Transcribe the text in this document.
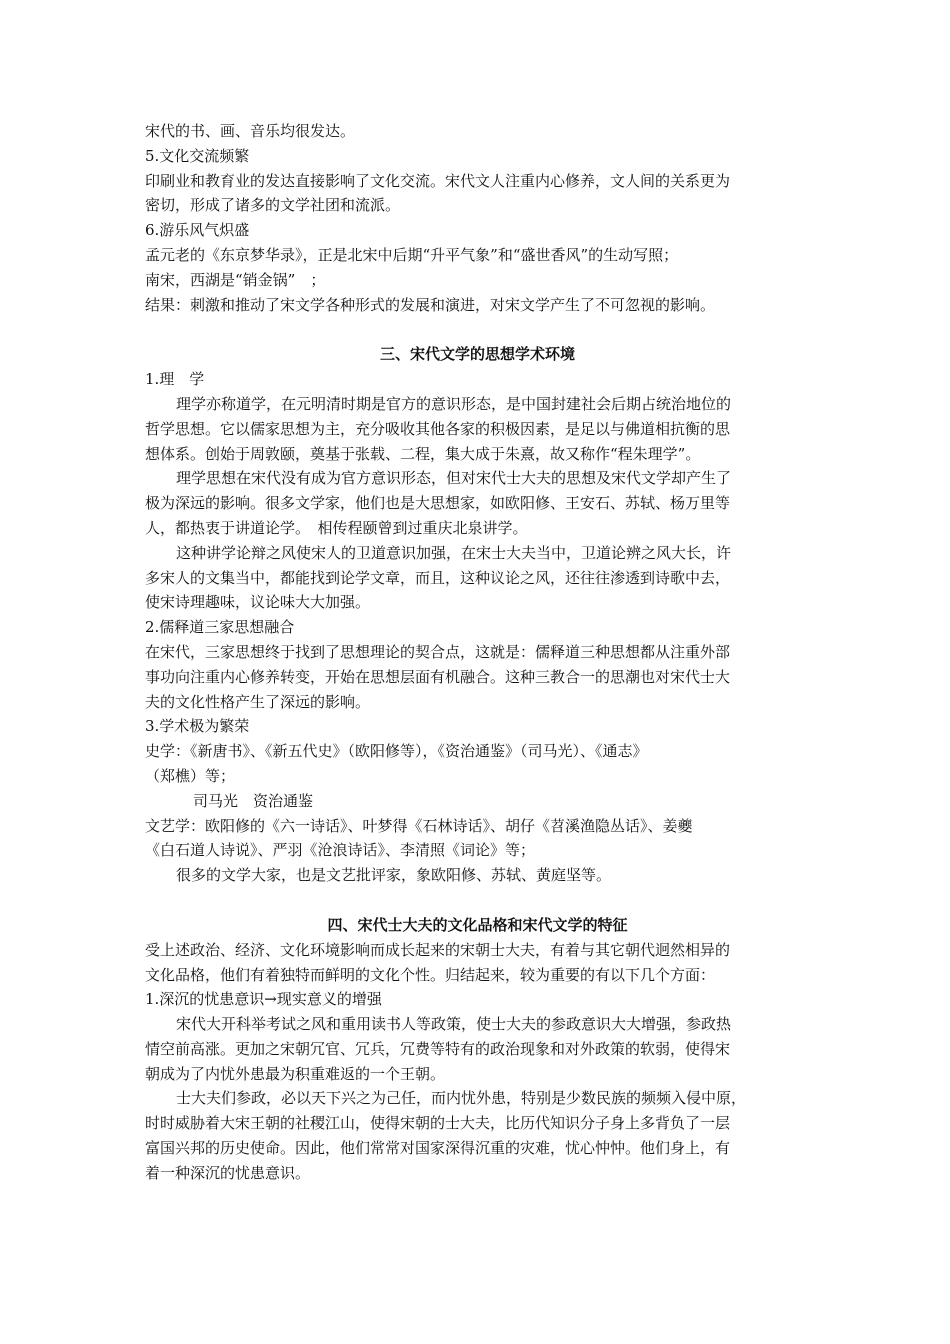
宋代的书、画、音乐均很发达。

5.文化交流频繁

印刷业和教育业的发达直接影响了文化交流。宋代文人注重内心修养，文人间的关系更为

密切，形成了诸多的文学社团和流派。

6.游乐风气炽盛

孟元老的《东京梦华录》，正是北宋中后期“升平气象”和“盛世香风”的生动写照；

南宋，西湖是“销金锅”　；

结果：刺激和推动了宋文学各种形式的发展和演进，对宋文学产生了不可忽视的影响。

三、宋代文学的思想学术环境

1.理　学

理学亦称道学，在元明清时期是官方的意识形态，是中国封建社会后期占统治地位的

哲学思想。它以儒家思想为主，充分吸收其他各家的积极因素，是足以与佛道相抗衡的思

想体系。创始于周敦颐，奠基于张载、二程，集大成于朱熹，故又称作“程朱理学”。

理学思想在宋代没有成为官方意识形态，但对宋代士大夫的思想及宋代文学却产生了

极为深远的影响。很多文学家，他们也是大思想家，如欧阳修、王安石、苏轼、杨万里等

人，都热衷于讲道论学。　相传程颐曾到过重庆北泉讲学。

这种讲学论辩之风使宋人的卫道意识加强，在宋士大夫当中，卫道论辨之风大长，许

多宋人的文集当中，都能找到论学文章，而且，这种议论之风，还往往渗透到诗歌中去，

使宋诗理趣味，议论味大大加强。

2.儒释道三家思想融合

在宋代，三家思想终于找到了思想理论的契合点，这就是：儒释道三种思想都从注重外部

事功向注重内心修养转变，开始在思想层面有机融合。这种三教合一的思潮也对宋代士大

夫的文化性格产生了深远的影响。

3.学术极为繁荣

史学：《新唐书》、《新五代史》（欧阳修等），《资治通鉴》（司马光）、《通志》

（郑樵）等；

司马光　资治通鉴

文艺学：欧阳修的《六一诗话》、叶梦得《石林诗话》、胡仔《苕溪渔隐丛话》、姜夔

《白石道人诗说》、严羽《沧浪诗话》、李清照《词论》等；

很多的文学大家，也是文艺批评家，象欧阳修、苏轼、黄庭坚等。

四、宋代士大夫的文化品格和宋代文学的特征

受上述政治、经济、文化环境影响而成长起来的宋朝士大夫，有着与其它朝代迥然相异的

文化品格，他们有着独特而鲜明的文化个性。归结起来，较为重要的有以下几个方面：

1.深沉的忧患意识→现实意义的增强

宋代大开科举考试之风和重用读书人等政策，使士大夫的参政意识大大增强，参政热

情空前高涨。更加之宋朝冗官、冗兵，冗费等特有的政治现象和对外政策的软弱，使得宋

朝成为了内忧外患最为积重难返的一个王朝。

士大夫们参政，必以天下兴之为己任，而内忧外患，特别是少数民族的频频入侵中原，

时时威胁着大宋王朝的社稷江山，使得宋朝的士大夫，比历代知识分子身上多背负了一层

富国兴邦的历史使命。因此，他们常常对国家深得沉重的灾难，忧心忡忡。他们身上，有

着一种深沉的忧患意识。
